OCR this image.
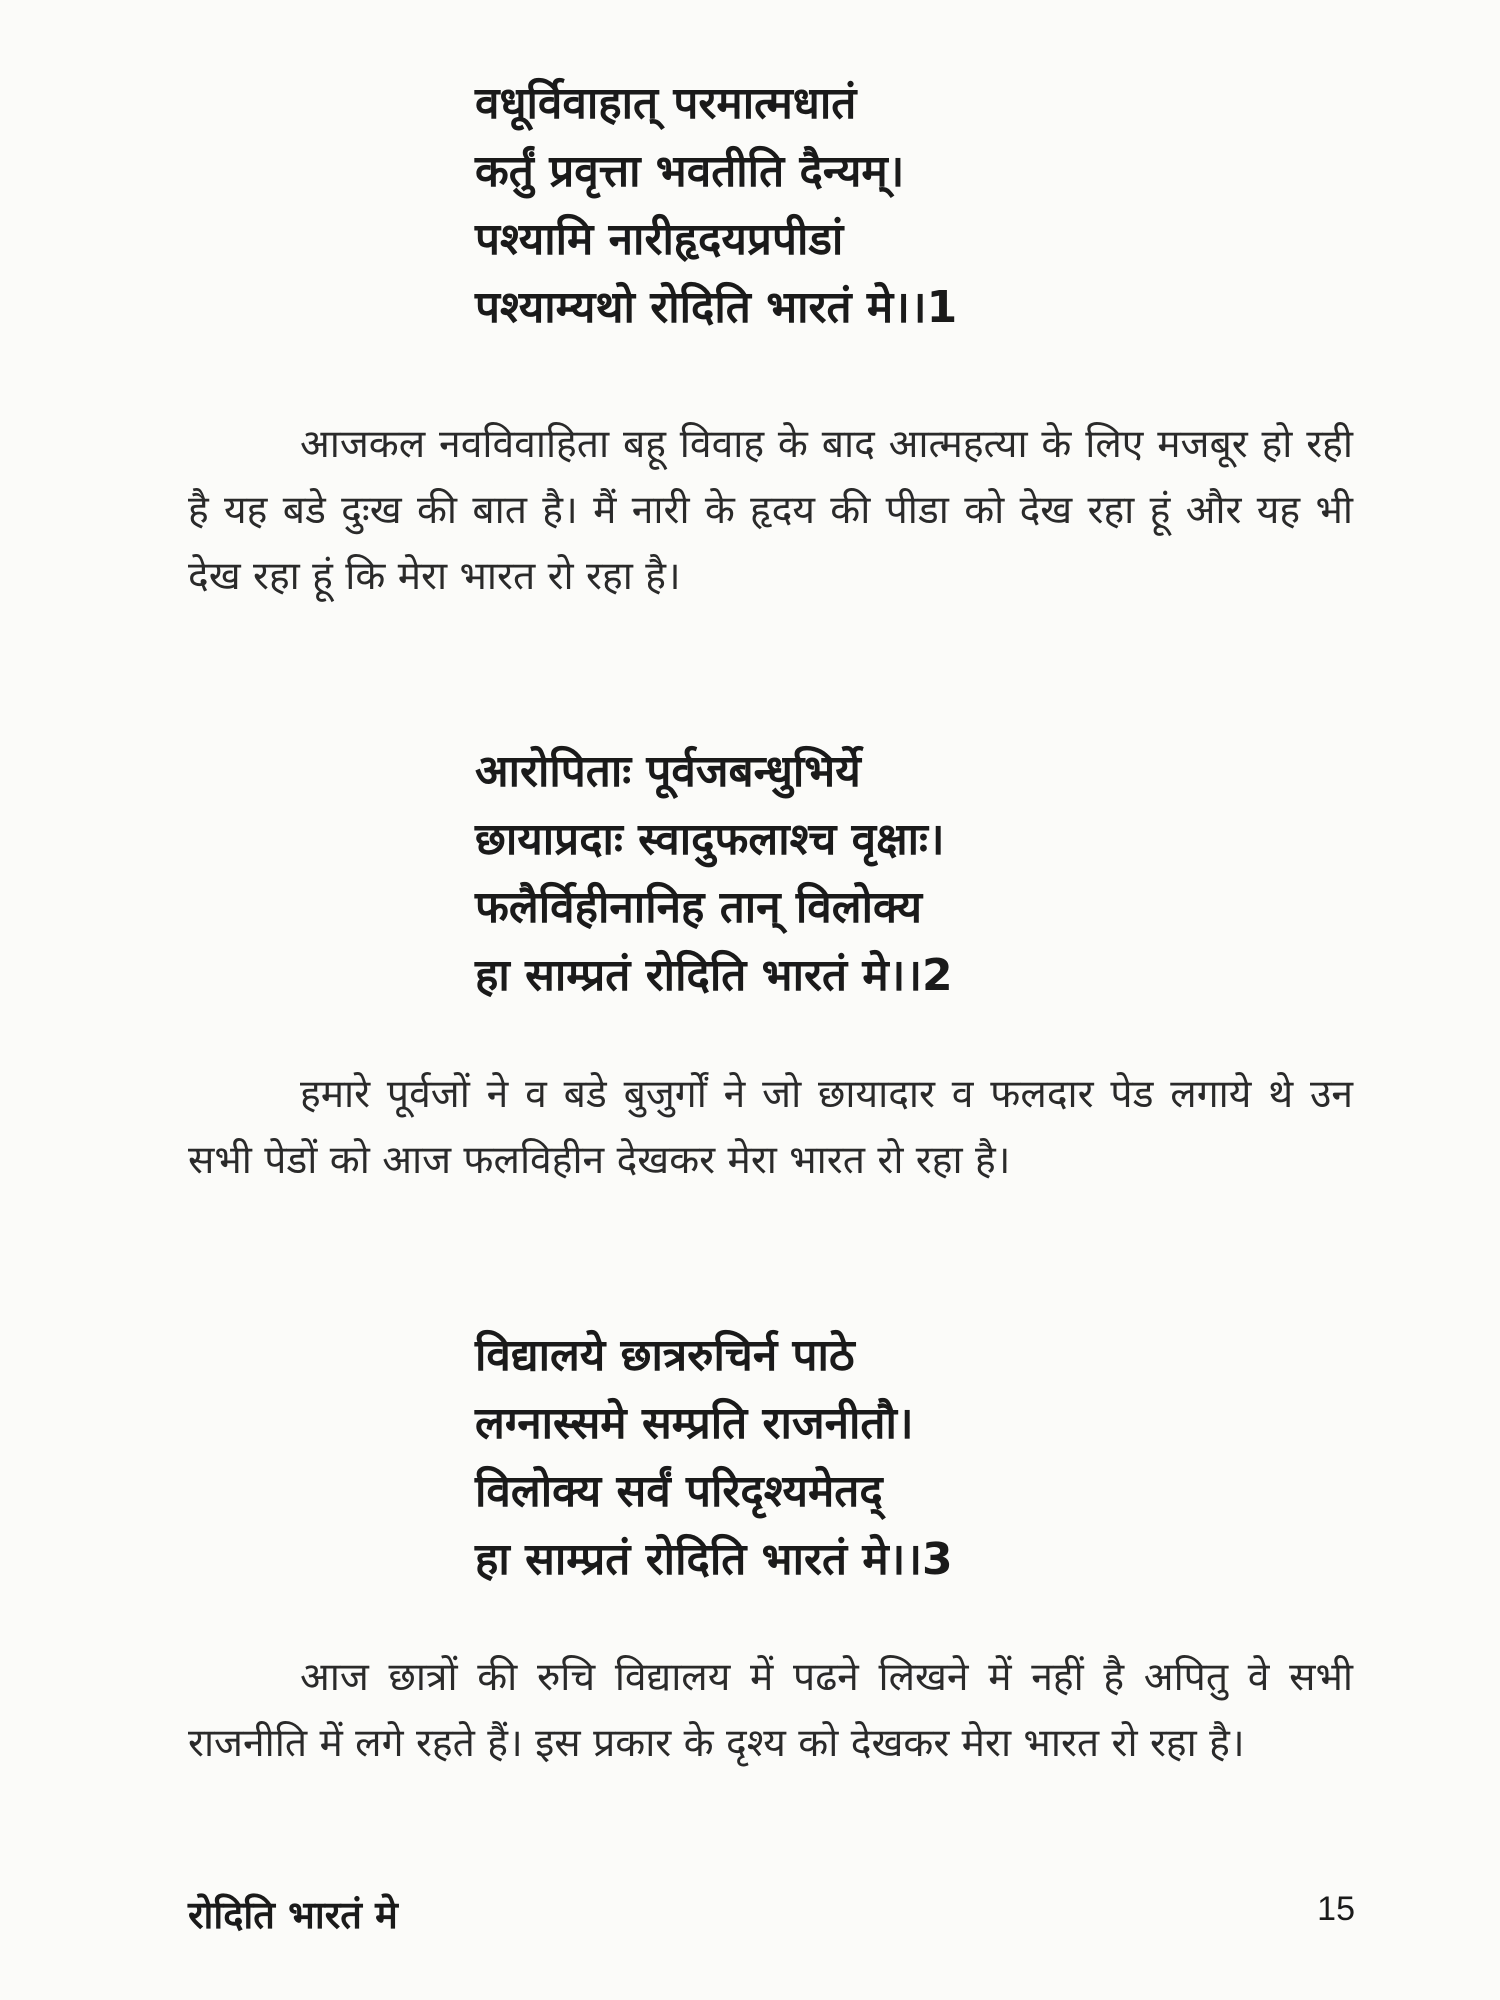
वधूर्विवाहात् परमात्मधातं
कर्तुं प्रवृत्ता भवतीति दैन्यम्।
पश्यामि नारीहृदयप्रपीडां
पश्याम्यथो रोदिति भारतं मे।।1

आजकल नवविवाहिता बहू विवाह के बाद आत्महत्या के लिए मजबूर हो रही है यह बडे दुःख की बात है। मैं नारी के हृदय की पीडा को देख रहा हूं और यह भी देख रहा हूं कि मेरा भारत रो रहा है।

आरोपिताः पूर्वजबन्धुभिर्ये
छायाप्रदाः स्वादुफलाश्च वृक्षाः।
फलैर्विहीनानिह तान् विलोक्य
हा साम्प्रतं रोदिति भारतं मे।।2

हमारे पूर्वजों ने व बडे बुजुर्गों ने जो छायादार व फलदार पेड लगाये थे उन सभी पेडों को आज फलविहीन देखकर मेरा भारत रो रहा है।

विद्यालये छात्ररुचिर्न पाठे
लग्नास्समे सम्प्रति राजनीतौ।
विलोक्य सर्वं परिदृश्यमेतद्
हा साम्प्रतं रोदिति भारतं मे।।3

आज छात्रों की रुचि विद्यालय में पढने लिखने में नहीं है अपितु वे सभी राजनीति में लगे रहते हैं। इस प्रकार के दृश्य को देखकर मेरा भारत रो रहा है।

रोदिति भारतं मे	15
